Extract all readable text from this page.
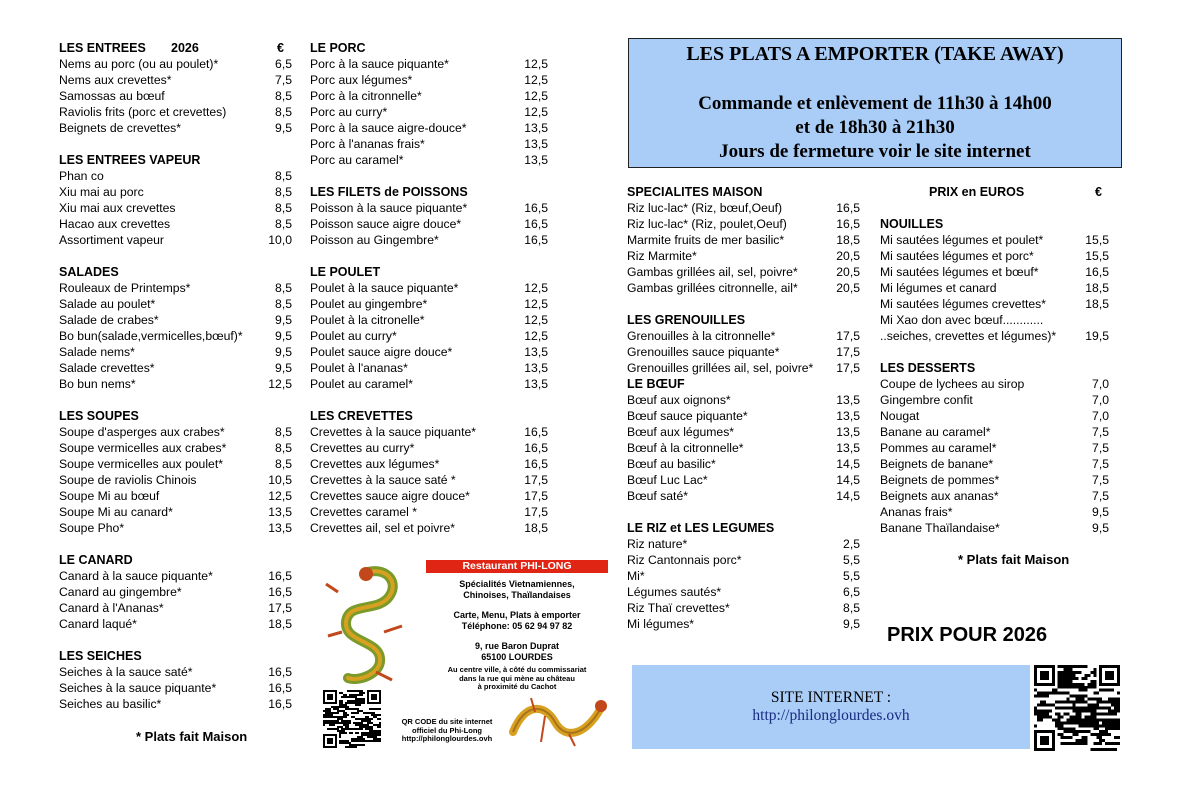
LES ENTREES 2026	€
Nems au porc (ou au poulet)*	6,5
Nems aux crevettes*	7,5
Samossas au bœuf	8,5
Raviolis frits (porc et crevettes)	8,5
Beignets de crevettes*	9,5
LES ENTREES VAPEUR
Phan co	8,5
Xiu mai au porc	8,5
Xiu mai aux crevettes	8,5
Hacao aux crevettes	8,5
Assortiment vapeur	10,0
SALADES
Rouleaux de Printemps*	8,5
Salade au poulet*	8,5
Salade de crabes*	9,5
Bo bun(salade,vermicelles,bœuf)*	9,5
Salade nems*	9,5
Salade crevettes*	9,5
Bo bun nems*	12,5
LES SOUPES
Soupe d'asperges aux crabes*	8,5
Soupe vermicelles aux crabes*	8,5
Soupe vermicelles aux poulet*	8,5
Soupe de raviolis Chinois	10,5
Soupe Mi au bœuf	12,5
Soupe Mi au canard*	13,5
Soupe Pho*	13,5
LE CANARD
Canard à la sauce piquante*	16,5
Canard au gingembre*	16,5
Canard à l'Ananas*	17,5
Canard laqué*	18,5
LES SEICHES
Seiches à la sauce saté*	16,5
Seiches à la sauce piquante*	16,5
Seiches au basilic*	16,5
* Plats fait Maison
LE PORC
Porc à la sauce piquante*	12,5
Porc aux légumes*	12,5
Porc à la citronnelle*	12,5
Porc au curry*	12,5
Porc à la sauce aigre-douce*	13,5
Porc à l'ananas frais*	13,5
Porc au caramel*	13,5
LES FILETS de POISSONS
Poisson à la sauce piquante*	16,5
Poisson sauce aigre douce*	16,5
Poisson au Gingembre*	16,5
LE POULET
Poulet à la sauce piquante*	12,5
Poulet au gingembre*	12,5
Poulet à la citronelle*	12,5
Poulet au curry*	12,5
Poulet sauce aigre douce*	13,5
Poulet à l'ananas*	13,5
Poulet au caramel*	13,5
LES CREVETTES
Crevettes à la sauce piquante*	16,5
Crevettes au curry*	16,5
Crevettes aux légumes*	16,5
Crevettes à la sauce saté *	17,5
Crevettes sauce aigre douce*	17,5
Crevettes caramel *	17,5
Crevettes ail, sel et poivre*	18,5
Restaurant PHI-LONG
Spécialités Vietnamiennes,
Chinoises, Thaïlandaises
Carte, Menu, Plats à emporter
Téléphone: 05 62 94 97 82
9, rue Baron Duprat
65100 LOURDES
Au centre ville, à côté du commissariat
dans la rue qui mène au château
à proximité du Cachot
QR CODE du site internet
officiel du Phi-Long
http://philonglourdes.ovh
LES PLATS A EMPORTER (TAKE AWAY)
Commande et enlèvement de 11h30 à 14h00
et de 18h30 à 21h30
Jours de fermeture voir le site internet
SPECIALITES MAISON
Riz luc-lac* (Riz, bœuf,Oeuf)	16,5
Riz luc-lac* (Riz, poulet,Oeuf)	16,5
Marmite fruits de mer basilic*	18,5
Riz Marmite*	20,5
Gambas grillées ail, sel, poivre*	20,5
Gambas grillées citronnelle, ail*	20,5
LES GRENOUILLES
Grenouilles à la citronnelle*	17,5
Grenouilles sauce piquante*	17,5
Grenouilles grillées ail, sel, poivre*	17,5
LE BŒUF
Bœuf aux oignons*	13,5
Bœuf sauce piquante*	13,5
Bœuf aux légumes*	13,5
Bœuf à la citronnelle*	13,5
Bœuf au basilic*	14,5
Bœuf Luc Lac*	14,5
Bœuf saté*	14,5
LE RIZ et LES LEGUMES
Riz nature*	2,5
Riz Cantonnais porc*	5,5
Mi*	5,5
Légumes sautés*	6,5
Riz Thaï crevettes*	8,5
Mi légumes*	9,5
PRIX en EUROS	€
NOUILLES
Mi sautées légumes et poulet*	15,5
Mi sautées légumes et porc*	15,5
Mi sautées légumes et bœuf*	16,5
Mi légumes et canard	18,5
Mi sautées légumes crevettes*	18,5
Mi Xao don avec bœuf............
..seiches, crevettes et légumes)* 19,5
LES DESSERTS
Coupe de lychees au sirop	7,0
Gingembre confit	7,0
Nougat	7,0
Banane au caramel*	7,5
Pommes au caramel*	7,5
Beignets de banane*	7,5
Beignets de pommes*	7,5
Beignets aux ananas*	7,5
Ananas frais*	9,5
Banane Thaïlandaise*	9,5
* Plats fait Maison
PRIX POUR 2026
SITE INTERNET :
http://philonglourdes.ovh
